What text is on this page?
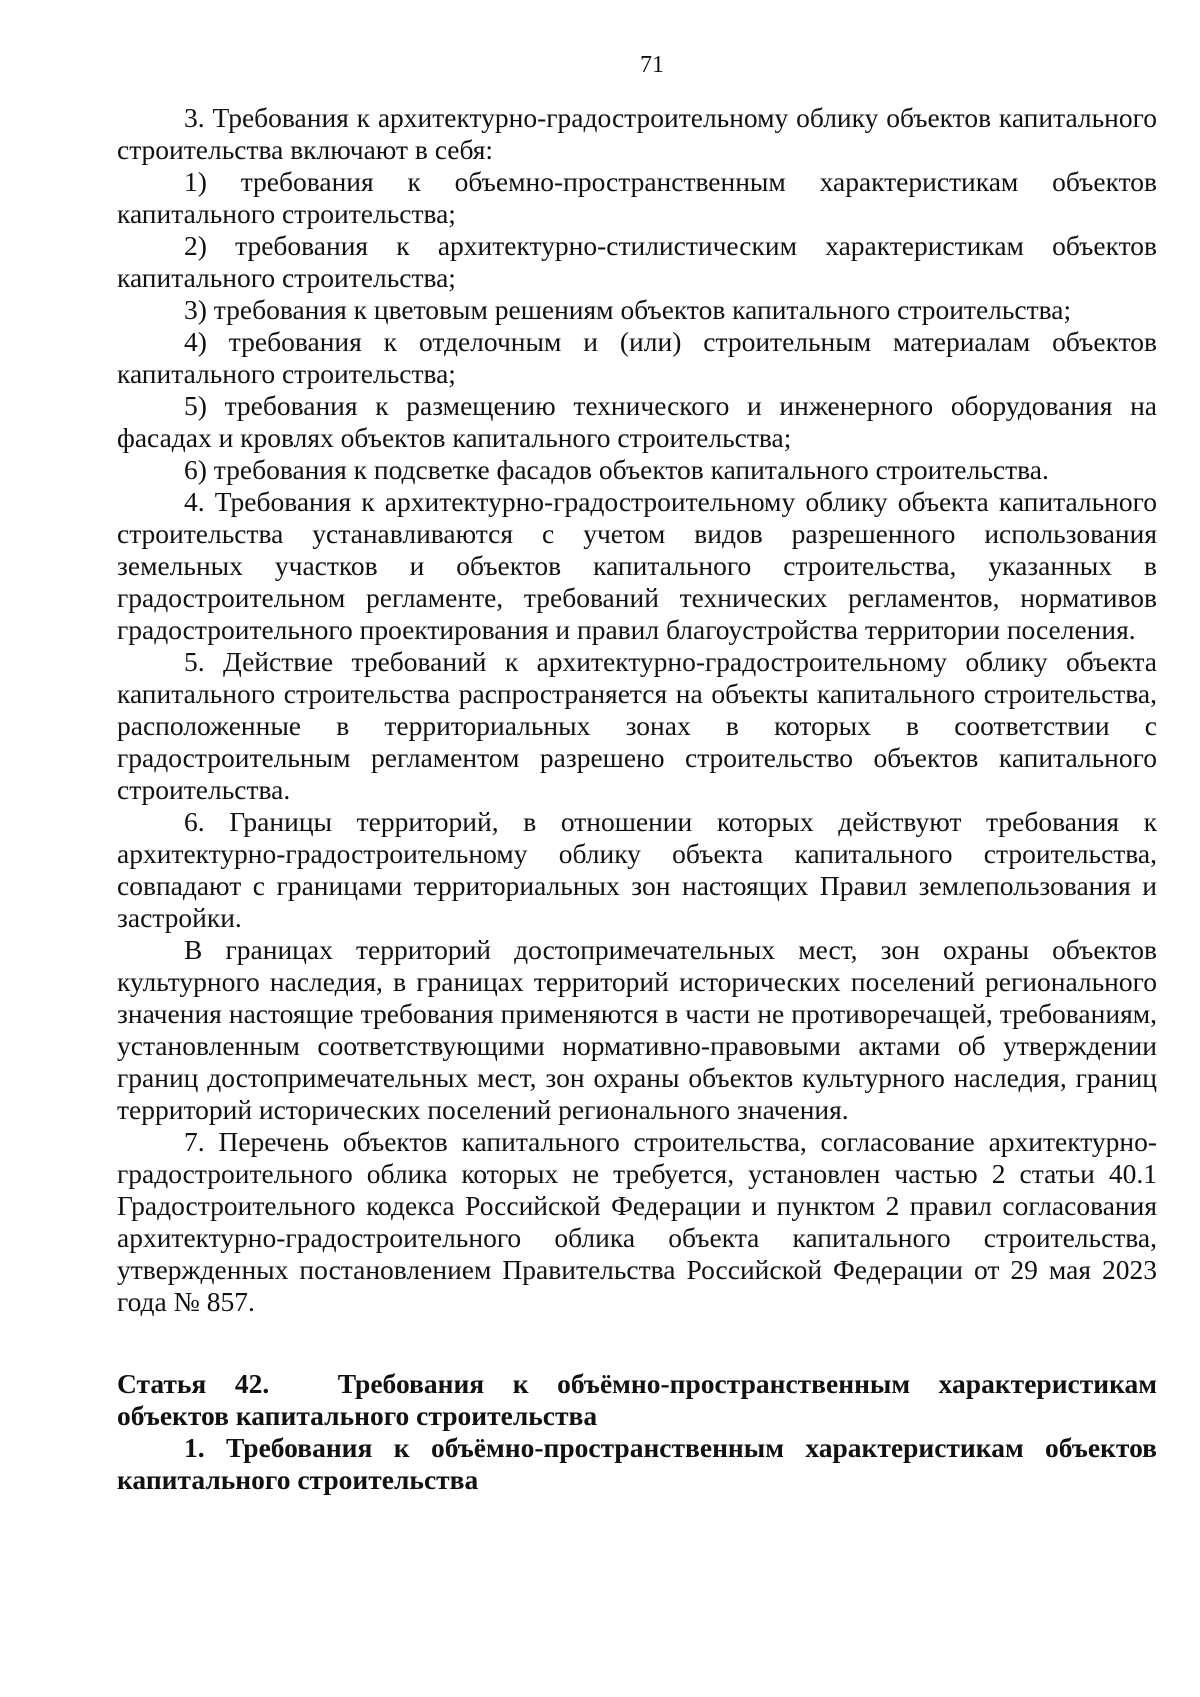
71

3. Требования к архитектурно-градостроительному облику объектов капитального строительства включают в себя:

1) требования к объемно-пространственным характеристикам объектов капитального строительства;

2) требования к архитектурно-стилистическим характеристикам объектов капитального строительства;

3) требования к цветовым решениям объектов капитального строительства;

4) требования к отделочным и (или) строительным материалам объектов капитального строительства;

5) требования к размещению технического и инженерного оборудования на фасадах и кровлях объектов капитального строительства;

6) требования к подсветке фасадов объектов капитального строительства.

4. Требования к архитектурно-градостроительному облику объекта капитального строительства устанавливаются с учетом видов разрешенного использования земельных участков и объектов капитального строительства, указанных в градостроительном регламенте, требований технических регламентов, нормативов градостроительного проектирования и правил благоустройства территории поселения.

5. Действие требований к архитектурно-градостроительному облику объекта капитального строительства распространяется на объекты капитального строительства, расположенные в территориальных зонах в которых в соответствии с градостроительным регламентом разрешено строительство объектов капитального строительства.

6. Границы территорий, в отношении которых действуют требования к архитектурно-градостроительному облику объекта капитального строительства, совпадают с границами территориальных зон настоящих Правил землепользования и застройки.

В границах территорий достопримечательных мест, зон охраны объектов культурного наследия, в границах территорий исторических поселений регионального значения настоящие требования применяются в части не противоречащей, требованиям, установленным соответствующими нормативно-правовыми актами об утверждении границ достопримечательных мест, зон охраны объектов культурного наследия, границ территорий исторических поселений регионального значения.

7. Перечень объектов капитального строительства, согласование архитектурно-градостроительного облика которых не требуется, установлен частью 2 статьи 40.1 Градостроительного кодекса Российской Федерации и пунктом 2 правил согласования архитектурно-градостроительного облика объекта капитального строительства, утвержденных постановлением Правительства Российской Федерации от 29 мая 2023 года № 857.

Статья 42. Требования к объёмно-пространственным характеристикам объектов капитального строительства

1. Требования к объёмно-пространственным характеристикам объектов капитального строительства
